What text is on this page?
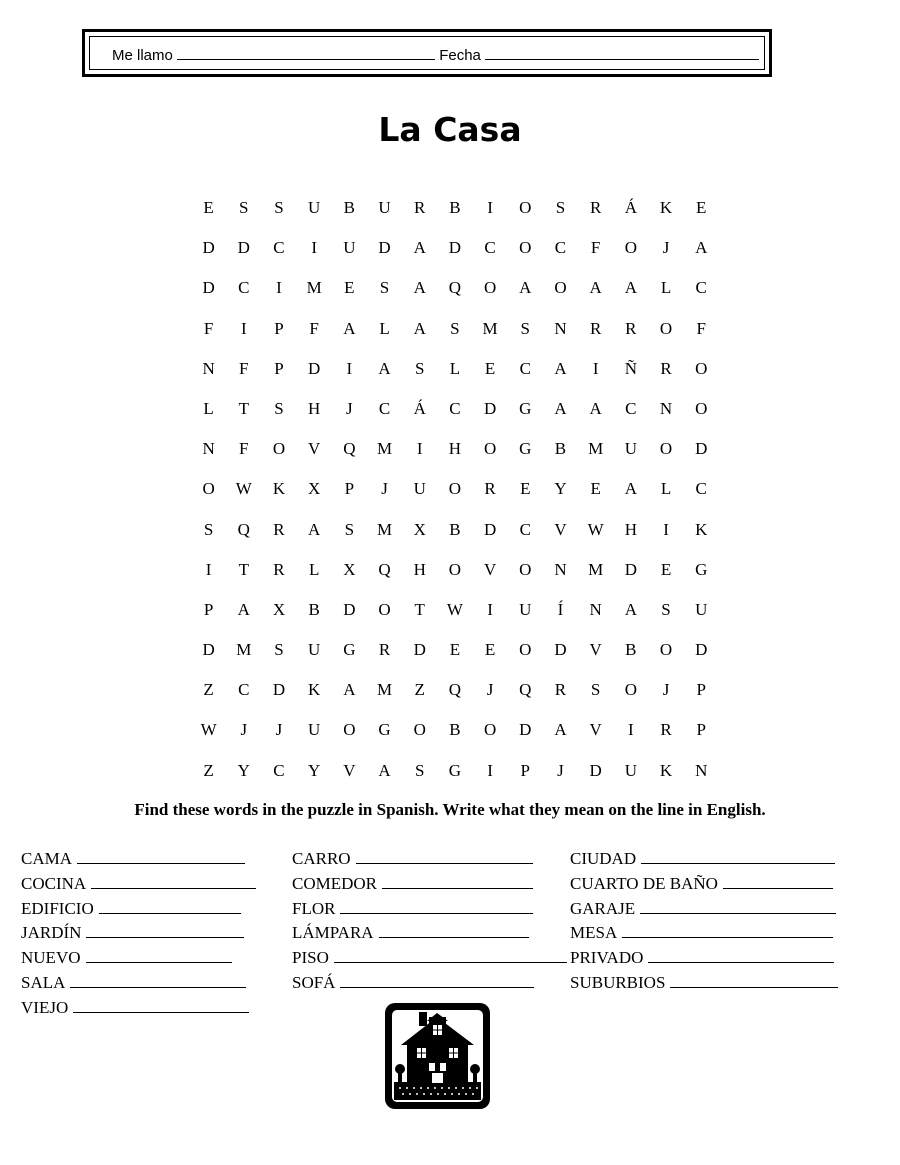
Me llamo	Fecha
La Casa
E	S	S	U	B	U	R	B	I	O	S	R	Á	K	E
D	D	C	I	U	D	A	D	C	O	C	F	O	J	A
D	C	I	M	E	S	A	Q	O	A	O	A	A	L	C
F	I	P	F	A	L	A	S	M	S	N	R	R	O	F
N	F	P	D	I	A	S	L	E	C	A	I	Ñ	R	O
L	T	S	H	J	C	Á	C	D	G	A	A	C	N	O
N	F	O	V	Q	M	I	H	O	G	B	M	U	O	D
O	W	K	X	P	J	U	O	R	E	Y	E	A	L	C
S	Q	R	A	S	M	X	B	D	C	V	W	H	I	K
I	T	R	L	X	Q	H	O	V	O	N	M	D	E	G
P	A	X	B	D	O	T	W	I	U	Í	N	A	S	U
D	M	S	U	G	R	D	E	E	O	D	V	B	O	D
Z	C	D	K	A	M	Z	Q	J	Q	R	S	O	J	P
W	J	J	U	O	G	O	B	O	D	A	V	I	R	P
Z	Y	C	Y	V	A	S	G	I	P	J	D	U	K	N
Find these words in the puzzle in Spanish. Write what they mean on the line in English.
CAMA
COCINA
EDIFICIO
JARDÍN
NUEVO
SALA
VIEJO
CARRO
COMEDOR
FLOR
LÁMPARA
PISO
SOFÁ
CIUDAD
CUARTO DE BAÑO
GARAJE
MESA
PRIVADO
SUBURBIOS
